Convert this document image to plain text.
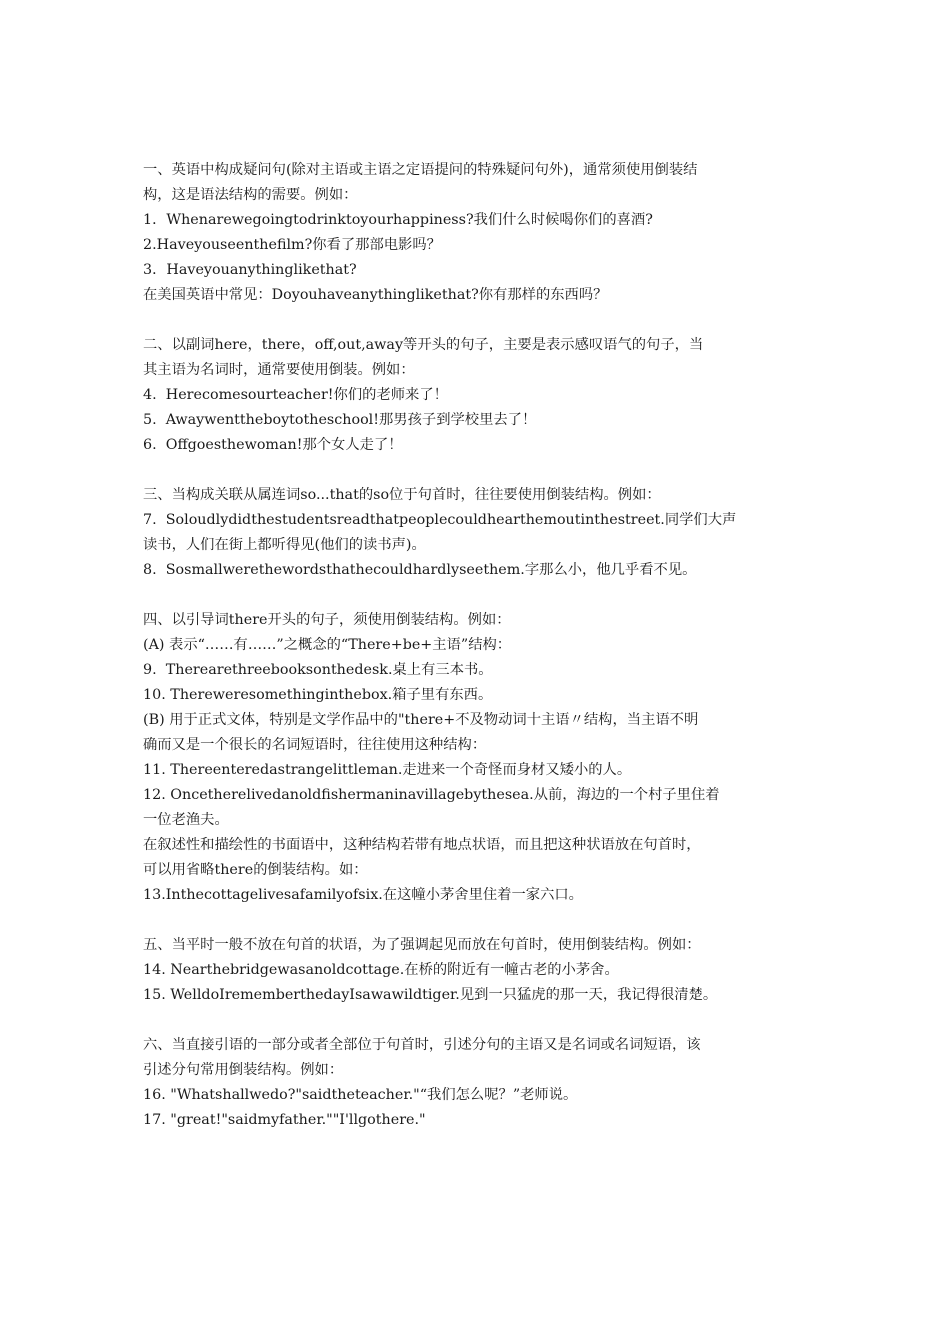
一、英语中构成疑问句(除对主语或主语之定语提问的特殊疑问句外)，通常须使用倒装结
构，这是语法结构的需要。例如：
1．Whenarewegoingtodrinktoyourhappiness?我们什么时候喝你们的喜酒?
2.Haveyouseenthefilm?你看了那部电影吗？
3．Haveyouanythinglikethat?
在美国英语中常见：Doyouhaveanythinglikethat?你有那样的东西吗？
二、以副词here，there，off,out,away等开头的句子，主要是表示感叹语气的句子，当
其主语为名词时，通常要使用倒装。例如：
4.  Herecomesourteacher!你们的老师来了！
5.  Awaywenttheboytotheschool!那男孩子到学校里去了！
6.  Offgoesthewoman!那个女人走了！
三、当构成关联从属连词so...that的so位于句首时，往往要使用倒装结构。例如：
7.  Soloudlydidthestudentsreadthatpeoplecouldhearthemoutinthestreet.同学们大声
读书，人们在街上都听得见(他们的读书声)。
8.  Sosmallwerethewordsthathecouldhardlyseethem.字那么小，他几乎看不见。
四、以引导词there开头的句子，须使用倒装结构。例如：
(A) 表示“……有……”之概念的“There+be+主语”结构：
9.  Therearethreebooksonthedesk.桌上有三本书。
10. Thereweresomethingintheboх.箱子里有东西。
(B) 用于正式文体，特别是文学作品中的"there+不及物动词十主语〃结构，当主语不明
确而又是一个很长的名词短语时，往往使用这种结构：
11. Thereenteredastrangelittleman.走进来一个奇怪而身材又矮小的人。
12. Oncetherelivedanoldfishermaninavillagebythesea.从前，海边的一个村子里住着
一位老渔夫。
在叙述性和描绘性的书面语中，这种结构若带有地点状语，而且把这种状语放在句首时，
可以用省略there的倒装结构。如：
13.Inthecottagelivesafamilyofsix.在这幢小茅舍里住着一家六口。
五、当平时一般不放在句首的状语，为了强调起见而放在句首时，使用倒装结构。例如：
14. Nearthebridgewasanoldcottage.在桥的附近有一幢古老的小茅舍。
15. WelldoIrememberthedayIsawawildtiger.见到一只猛虎的那一天，我记得很清楚。
六、当直接引语的一部分或者全部位于句首时，引述分句的主语又是名词或名词短语，该
引述分句常用倒装结构。例如：
16. "Whatshallwedo?"saidtheteacher."“我们怎么呢？”老师说。
17. "great!"saidmyfather.""I'llgothere."
